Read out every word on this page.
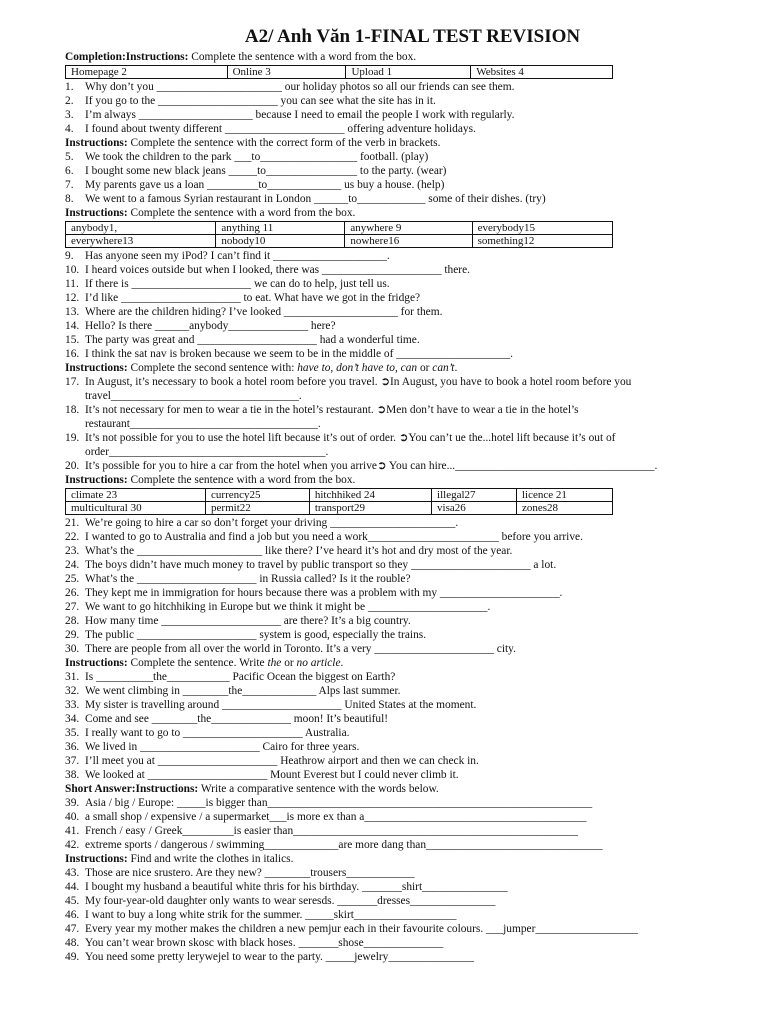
A2/ Anh Văn 1-FINAL TEST REVISION
Completion:Instructions: Complete the sentence with a word from the box.
Homepage 2	Online 3	Upload 1	Websites 4
1. Why don’t you ______________________ our holiday photos so all our friends can see them.
2. If you go to the _____________________ you can see what the site has in it.
3. I’m always ____________________ because I need to email the people I work with regularly.
4. I found about twenty different _____________________ offering adventure holidays.
Instructions: Complete the sentence with the correct form of the verb in brackets.
5. We took the children to the park ___to_________________ football. (play)
6. I bought some new black jeans _____to________________ to the party. (wear)
7. My parents gave us a loan _________to_____________ us buy a house. (help)
8. We went to a famous Syrian restaurant in London ______to____________ some of their dishes. (try)
Instructions: Complete the sentence with a word from the box.
anybody1,	anything 11	anywhere 9	everybody15
everywhere13	nobody10	nowhere16	something12
9. Has anyone seen my iPod? I can’t find it ____________________.
10. I heard voices outside but when I looked, there was _____________________ there.
11. If there is _____________________ we can do to help, just tell us.
12. I’d like _____________________ to eat. What have we got in the fridge?
13. Where are the children hiding? I’ve looked ____________________ for them.
14. Hello? Is there ______anybody______________ here?
15. The party was great and _____________________ had a wonderful time.
16. I think the sat nav is broken because we seem to be in the middle of ____________________.
Instructions: Complete the second sentence with: have to, don’t have to, can or can’t.
17. In August, it’s necessary to book a hotel room before you travel. ➲In August, you have to book a hotel room before you travel_________________________________.
18. It’s not necessary for men to wear a tie in the hotel’s restaurant. ➲Men don’t have to wear a tie in the hotel’s restaurant_________________________________.
19. It’s not possible for you to use the hotel lift because it’s out of order. ➲You can’t ue the...hotel lift because it’s out of order______________________________________.
20. It’s possible for you to hire a car from the hotel when you arrive➲ You can hire...___________________________________.
Instructions: Complete the sentence with a word from the box.
climate 23	currency25	hitchhiked 24	illegal27	licence 21
multicultural 30	permit22	transport29	visa26	zones28
21. We’re going to hire a car so don’t forget your driving ______________________.
22. I wanted to go to Australia and find a job but you need a work_______________________ before you arrive.
23. What’s the ______________________ like there? I’ve heard it’s hot and dry most of the year.
24. The boys didn’t have much money to travel by public transport so they _____________________ a lot.
25. What’s the _____________________ in Russia called? Is it the rouble?
26. They kept me in immigration for hours because there was a problem with my _____________________.
27. We want to go hitchhiking in Europe but we think it might be _____________________.
28. How many time _____________________ are there? It’s a big country.
29. The public _____________________ system is good, especially the trains.
30. There are people from all over the world in Toronto. It’s a very _____________________ city.
Instructions: Complete the sentence. Write the or no article.
31. Is __________the___________ Pacific Ocean the biggest on Earth?
32. We went climbing in ________the_____________ Alps last summer.
33. My sister is travelling around _____________________ United States at the moment.
34. Come and see ________the______________ moon! It’s beautiful!
35. I really want to go to _____________________ Australia.
36. We lived in _____________________ Cairo for three years.
37. I’ll meet you at _____________________ Heathrow airport and then we can check in.
38. We looked at _____________________ Mount Everest but I could never climb it.
Short Answer:Instructions: Write a comparative sentence with the words below.
39. Asia / big / Europe: _____is bigger than_________________________________________________________
40. a small shop / expensive / a supermarket___is more ex than a_______________________________________
41. French / easy / Greek_________is easier than__________________________________________________
42. extreme sports / dangerous / swimming_____________are more dang than_______________________________
Instructions: Find and write the clothes in italics.
43. Those are nice srustero. Are they new? ________trousers____________
44. I bought my husband a beautiful white thris for his birthday. _______shirt_______________
45. My four-year-old daughter only wants to wear seresds. _______dresses_______________
46. I want to buy a long white strik for the summer. _____skirt__________________
47. Every year my mother makes the children a new pemjur each in their favourite colours. ___jumper__________________
48. You can’t wear brown skosc with black hoses. _______shose______________
49. You need some pretty lerywejel to wear to the party. _____jewelry_______________
